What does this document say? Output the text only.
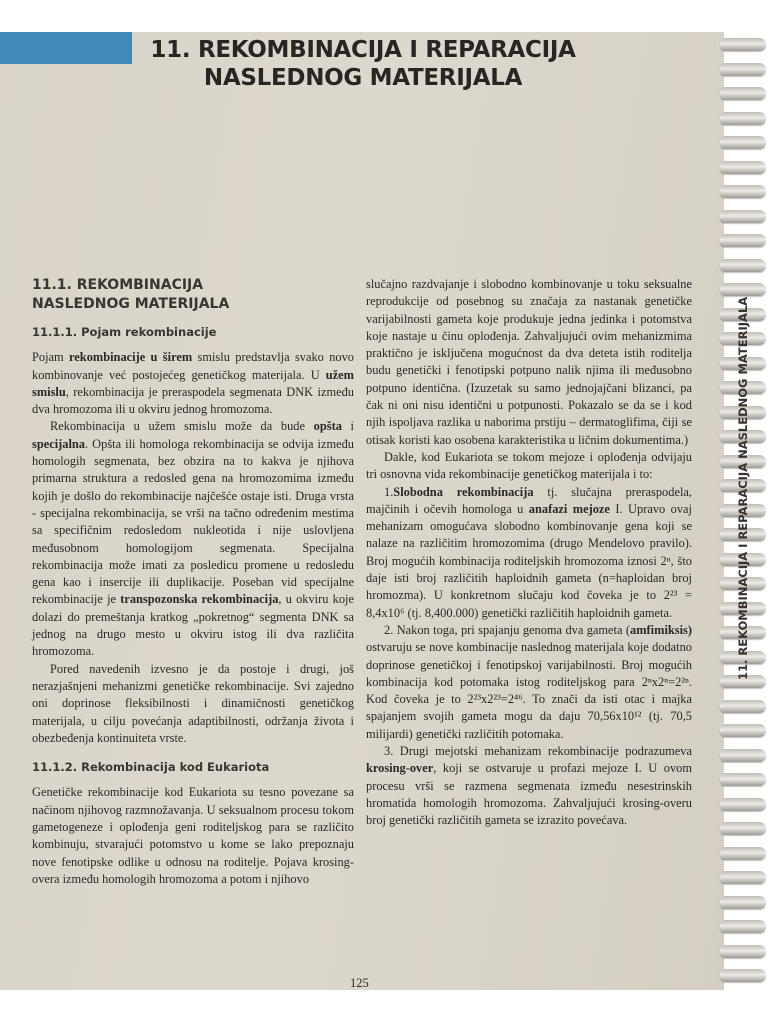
11. REKOMBINACIJA I REPARACIJA
NASLEDNOG MATERIJALA
11.1. REKOMBINACIJA
NASLEDNOG MATERIJALA
11.1.1. Pojam rekombinacije

Pojam rekombinacije u širem smislu predstavlja svako novo kombinovanje već postojećeg genetičkog materijala. U užem smislu, rekombinacija je preraspodela segmenata DNK između dva hromozoma ili u okviru jednog hromozoma.

Rekombinacija u užem smislu može da bude opšta i specijalna. Opšta ili homologa rekombinacija se odvija između homologih segmenata, bez obzira na to kakva je njihova primarna struktura a redosled gena na hromozomima između kojih je došlo do rekombinacije najčešće ostaje isti. Druga vrsta - specijalna rekombinacija, se vrši na tačno određenim mestima sa specifičnim redosledom nukleotida i nije uslovljena međusobnom homologijom segmenata. Specijalna rekombinacija može imati za posledicu promene u redosledu gena kao i insercije ili duplikacije. Poseban vid specijalne rekombinacije je transpozonska rekombinacija, u okviru koje dolazi do premeštanja kratkog „pokretnog“ segmenta DNK sa jednog na drugo mesto u okviru istog ili dva različita hromozoma.

Pored navedenih izvesno je da postoje i drugi, još nerazjašnjeni mehanizmi genetičke rekombinacije. Svi zajedno oni doprinose fleksibilnosti i dinamičnosti genetičkog materijala, u cilju povećanja adaptibilnosti, održanja života i obezbeđenja kontinuiteta vrste.

11.1.2. Rekombinacija kod Eukariota

Genetičke rekombinacije kod Eukariota su tesno povezane sa načinom njihovog razmnožavanja. U seksualnom procesu tokom gametogeneze i oplođenja geni roditeljskog para se različito kombinuju, stvarajući potomstvo u kome se lako prepoznaju nove fenotipske odlike u odnosu na roditelje. Pojava krosing-overa između homologih hromozoma a potom i njihovo

slučajno razdvajanje i slobodno kombinovanje u toku seksualne reprodukcije od posebnog su značaja za nastanak genetičke varijabilnosti gameta koje produkuje jedna jedinka i potomstva koje nastaje u činu oplođenja. Zahvaljujući ovim mehanizmima praktično je isključena mogućnost da dva deteta istih roditelja budu genetički i fenotipski potpuno nalik njima ili međusobno potpuno identična. (Izuzetak su samo jednojajčani blizanci, pa čak ni oni nisu identični u potpunosti. Pokazalo se da se i kod njih ispoljava razlika u naborima prstiju – dermatoglifima, čiji se otisak koristi kao osobena karakteristika u ličnim dokumentima.)

Dakle, kod Eukariota se tokom mejoze i oplođenja odvijaju tri osnovna vida rekombinacije genetičkog materijala i to:

1.Slobodna rekombinacija tj. slučajna preraspodela, majčinih i očevih homologa u anafazi mejoze I. Upravo ovaj mehanizam omogućava slobodno kombinovanje gena koji se nalaze na različitim hromozomima (drugo Mendelovo pravilo). Broj mogućih kombinacija roditeljskih hromozoma iznosi 2ⁿ, što daje isti broj različitih haploidnih gameta (n=haploidan broj hromozma). U konkretnom slučaju kod čoveka je to 2²³ = 8,4x10⁶ (tj. 8,400.000) genetički različitih haploidnih gameta.

2. Nakon toga, pri spajanju genoma dva gameta (amfimiksis) ostvaruju se nove kombinacije naslednog materijala koje dodatno doprinose genetičkoj i fenotipskoj varijabilnosti. Broj mogućih kombinacija kod potomaka istog roditeljskog para 2ⁿx2ⁿ=2²ⁿ. Kod čoveka je to 2²³x2²³=2⁴⁶. To znači da isti otac i majka spajanjem svojih gameta mogu da daju 70,56x10¹² (tj. 70,5 milijardi) genetički različitih potomaka.

3. Drugi mejotski mehanizam rekombinacije podrazumeva krosing-over, koji se ostvaruje u profazi mejoze I. U ovom procesu vrši se razmena segmenata između nesestrinskih hromatida homologih hromozoma. Zahvaljujući krosing-overu broj genetički različitih gameta se izrazito povećava.

125
11. REKOMBINACIJA I REPARACIJA NASLEDNOG MATERIJALA
